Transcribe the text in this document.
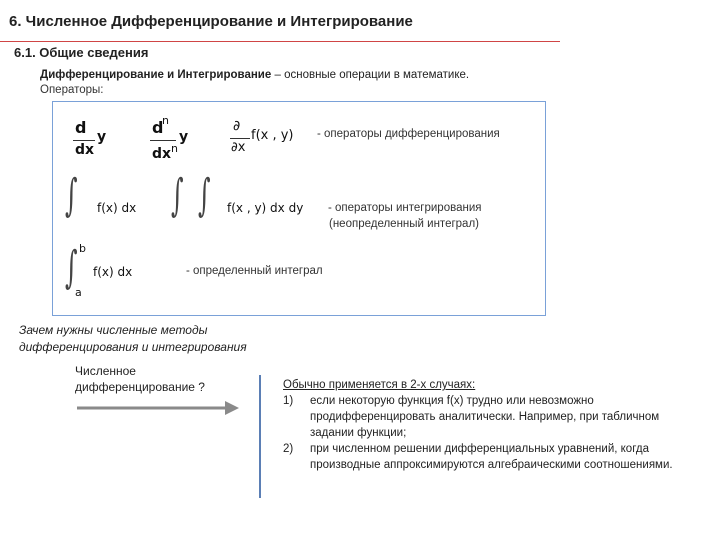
6. Численное Дифференцирование и Интегрирование
6.1. Общие сведения
Дифференцирование и Интегрирование – основные операции в математике.
Операторы:
d
dx
y	d
n
dx n
y
∂
∂x
f(x , y) - операторы дифференцирования
∫ f(x) dx ∫ ∫ f(x , y) dx dy - операторы интегрирования
(неопределенный интеграл)
∫ b
a
f(x) dx	- определенный интеграл
Зачем нужны численные методы
дифференцирования и интегрирования
Численное
дифференцирование ?	Обычно применяется в 2-х случаях:
1)	если некоторую функция f(x) трудно или невозможно продифференцировать аналитически. Например, при табличном задании функции;
2)	при численном решении дифференциальных уравнений, когда производные аппроксимируются алгебраическими соотношениями.
